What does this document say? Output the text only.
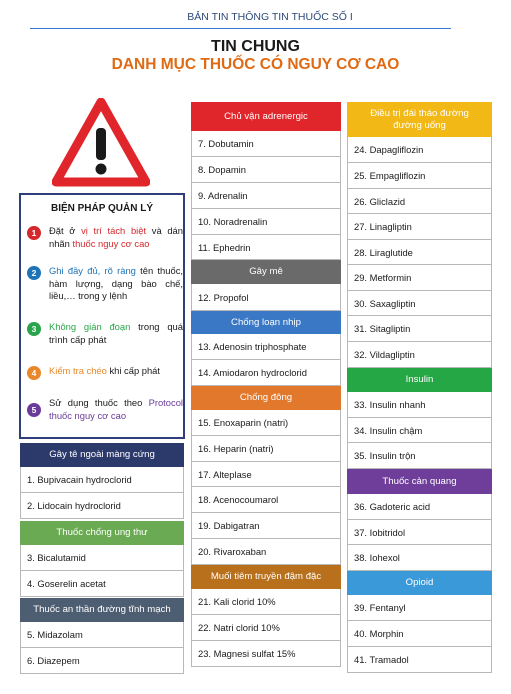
BẢN TIN THÔNG TIN THUỐC SỐ I
TIN CHUNG
DANH MỤC THUỐC CÓ NGUY CƠ CAO
BIỆN PHÁP QUẢN LÝ
1	Đặt ở vị trí tách biệt và dán nhãn thuốc nguy cơ cao
2	Ghi đầy đủ, rõ ràng tên thuốc, hàm lượng, dạng bào chế, liều,… trong y lệnh
3	Không gián đoạn trong quá trình cấp phát
4	Kiểm tra chéo khi cấp phát
5
Sử dụng thuốc theo Protocol thuốc nguy cơ cao
Gây tê ngoài màng cứng
1. Bupivacain hydroclorid
2. Lidocain hydroclorid
Thuốc chống ung thư
3. Bicalutamid
4. Goserelin acetat
Thuốc an thần đường tĩnh mạch
5. Midazolam
6. Diazepem
Chủ vận adrenergic
7. Dobutamin
8. Dopamin
9. Adrenalin
10. Noradrenalin
11. Ephedrin
Gây mê
12. Propofol
Chống loạn nhịp
13. Adenosin triphosphate
14. Amiodaron hydroclorid
Chống đông
15. Enoxaparin (natri)
16. Heparin (natri)
17. Alteplase
18. Acenocoumarol
19. Dabigatran
20. Rivaroxaban
Muối tiêm truyền đậm đặc
21. Kali clorid 10%
22. Natri clorid 10%
23. Magnesi sulfat 15%
Điều trị đái tháo đường đường uống
24. Dapagliflozin
25. Empagliflozin
26. Gliclazid
27. Linagliptin
28. Liraglutide
29. Metformin
30. Saxagliptin
31. Sitagliptin
32. Vildagliptin
Insulin
33. Insulin nhanh
34. Insulin chậm
35. Insulin trộn
Thuốc cản quang
36. Gadoteric acid
37. Iobitridol
38. Iohexol
Opioid
39. Fentanyl
40. Morphin
41. Tramadol
